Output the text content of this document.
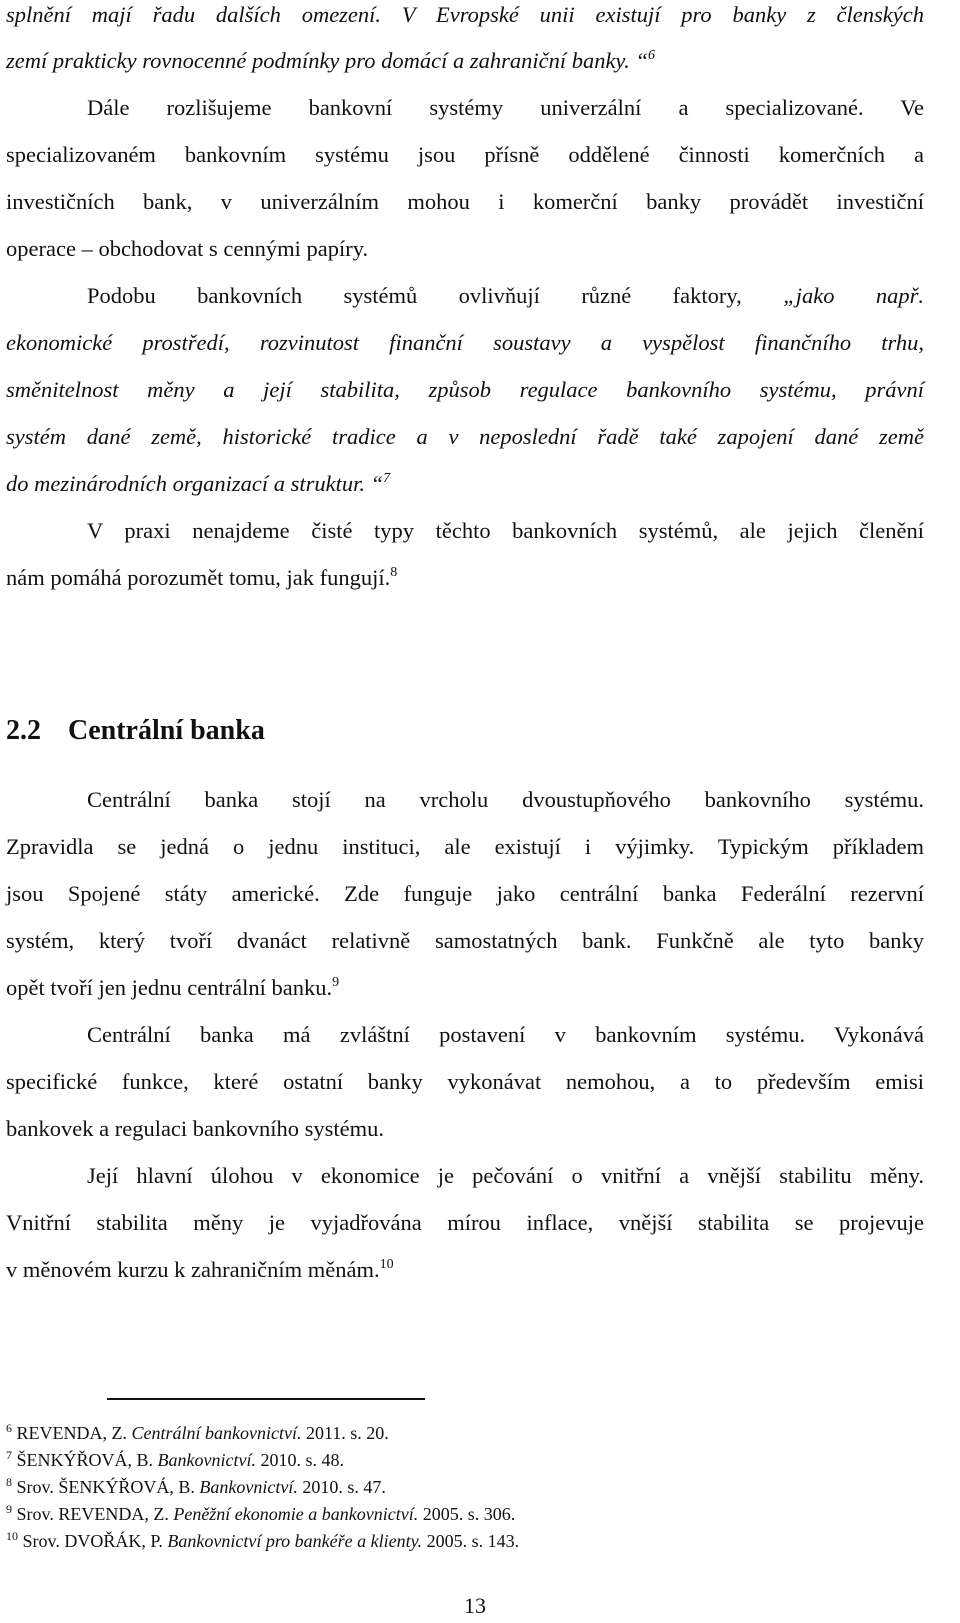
splnění mají řadu dalších omezení. V Evropské unii existují pro banky z členských
zemí prakticky rovnocenné podmínky pro domácí a zahraniční banky. “$^6$
Dále rozlišujeme bankovní systémy univerzální a specializované. Ve
specializovaném bankovním systému jsou přísně oddělené činnosti komerčních a
investičních bank, v univerzálním mohou i komerční banky provádět investiční
operace – obchodovat s cennými papíry.
Podobu bankovních systémů ovlivňují různé faktory, „jako např.
ekonomické prostředí, rozvinutost finanční soustavy a vyspělost finančního trhu,
směnitelnost měny a její stabilita, způsob regulace bankovního systému, právní
systém dané země, historické tradice a v neposlední řadě také zapojení dané země
do mezinárodních organizací a struktur. “$^7$
V praxi nenajdeme čisté typy těchto bankovních systémů, ale jejich členění
nám pomáhá porozumět tomu, jak fungují.$^8$
2.2 Centrální banka
Centrální banka stojí na vrcholu dvoustupňového bankovního systému.
Zpravidla se jedná o jednu instituci, ale existují i výjimky. Typickým příkladem
jsou Spojené státy americké. Zde funguje jako centrální banka Federální rezervní
systém, který tvoří dvanáct relativně samostatných bank. Funkčně ale tyto banky
opět tvoří jen jednu centrální banku.$^9$
Centrální banka má zvláštní postavení v bankovním systému. Vykonává
specifické funkce, které ostatní banky vykonávat nemohou, a to především emisi
bankovek a regulaci bankovního systému.
Její hlavní úlohou v ekonomice je pečování o vnitřní a vnější stabilitu měny.
Vnitřní stabilita měny je vyjadřována mírou inflace, vnější stabilita se projevuje
v měnovém kurzu k zahraničním měnám.$^{10}$
$^6$ REVENDA, Z. Centrální bankovnictví. 2011. s. 20.
$^7$ ŠENKÝŘOVÁ, B. Bankovnictví. 2010. s. 48.
$^8$ Srov. ŠENKÝŘOVÁ, B. Bankovnictví. 2010. s. 47.
$^9$ Srov. REVENDA, Z. Peněžní ekonomie a bankovnictví. 2005. s. 306.
$^{10}$ Srov. DVOŘÁK, P. Bankovnictví pro bankéře a klienty. 2005. s. 143.
13
